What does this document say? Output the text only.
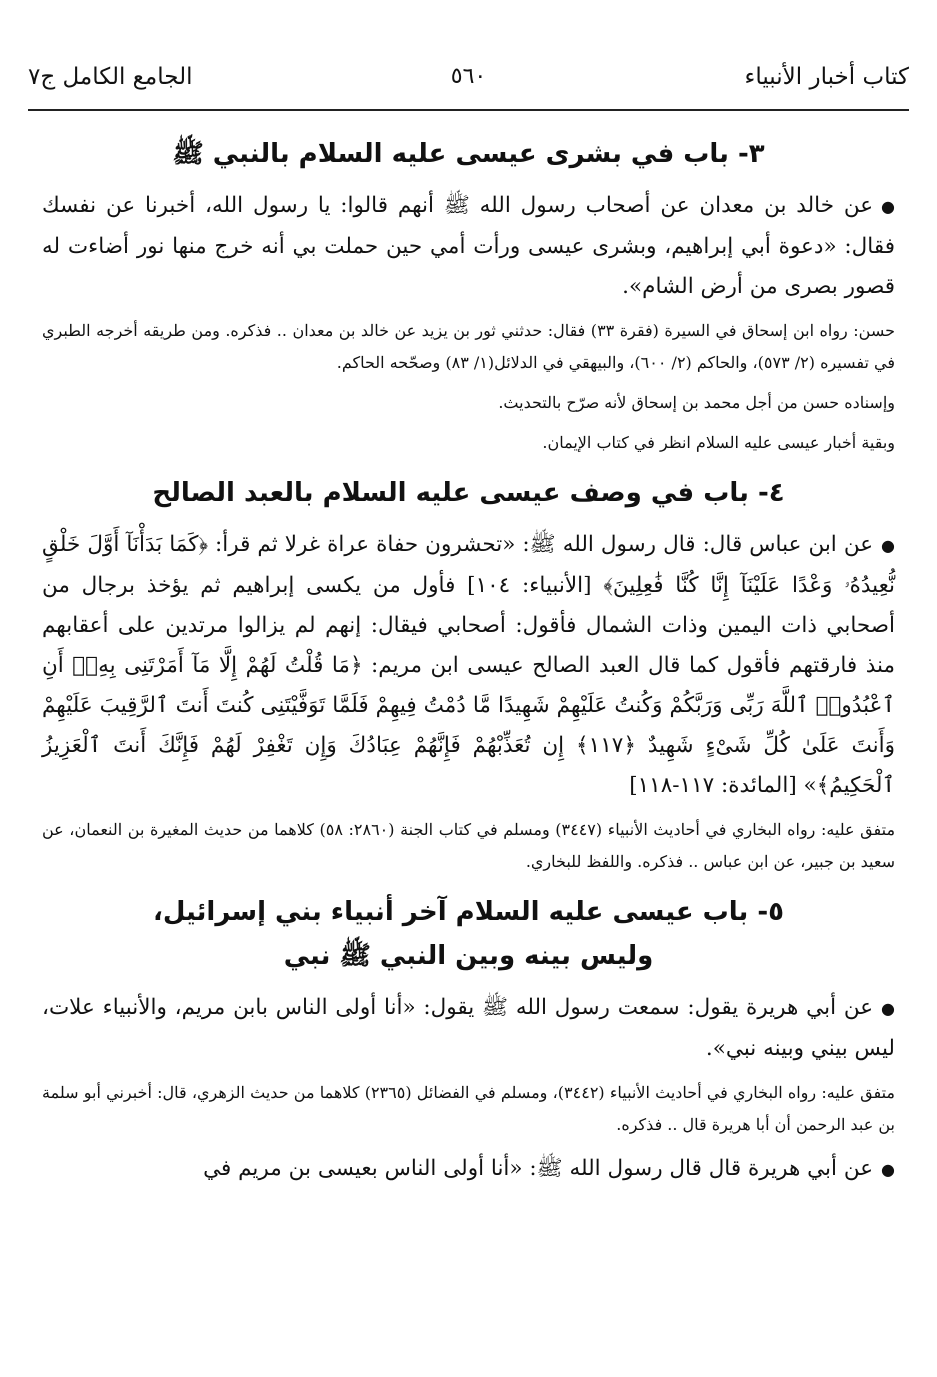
كتاب أخبار الأنبياء
٥٦٠
الجامع الكامل ج٧
٣- باب في بشرى عيسى عليه السلام بالنبي ﷺ

●عن خالد بن معدان عن أصحاب رسول الله ﷺ أنهم قالوا: يا رسول الله، أخبرنا عن نفسك فقال: «دعوة أبي إبراهيم، وبشرى عيسى ورأت أمي حين حملت بي أنه خرج منها نور أضاءت له قصور بصرى من أرض الشام».

حسن: رواه ابن إسحاق في السيرة (فقرة ٣٣) فقال: حدثني ثور بن يزيد عن خالد بن معدان .. فذكره. ومن طريقه أخرجه الطبري في تفسيره (٢/ ٥٧٣)، والحاكم (٢/ ٦٠٠)، والبيهقي في الدلائل(١/ ٨٣) وصحّحه الحاكم.

وإسناده حسن من أجل محمد بن إسحاق لأنه صرّح بالتحديث.

وبقية أخبار عيسى عليه السلام انظر في كتاب الإيمان.

٤- باب في وصف عيسى عليه السلام بالعبد الصالح

●عن ابن عباس قال: قال رسول الله ﷺ: «تحشرون حفاة عراة غرلا ثم قرأ: ﴿كَمَا بَدَأْنَآ أَوَّلَ خَلْقٍ نُّعِيدُهُۥ وَعْدًا عَلَيْنَآ إِنَّا كُنَّا فَٰعِلِينَ﴾ [الأنبياء: ١٠٤] فأول من يكسى إبراهيم ثم يؤخذ برجال من أصحابي ذات اليمين وذات الشمال فأقول: أصحابي فيقال: إنهم لم يزالوا مرتدين على أعقابهم منذ فارقتهم فأقول كما قال العبد الصالح عيسى ابن مريم: ﴿مَا قُلْتُ لَهُمْ إِلَّا مَآ أَمَرْتَنِى بِهِۦٓ أَنِ ٱعْبُدُوا۟ ٱللَّهَ رَبِّى وَرَبَّكُمْ وَكُنتُ عَلَيْهِمْ شَهِيدًا مَّا دُمْتُ فِيهِمْ فَلَمَّا تَوَفَّيْتَنِى كُنتَ أَنتَ ٱلرَّقِيبَ عَلَيْهِمْ وَأَنتَ عَلَىٰ كُلِّ شَىْءٍ شَهِيدٌ ﴿١١٧﴾ إِن تُعَذِّبْهُمْ فَإِنَّهُمْ عِبَادُكَ وَإِن تَغْفِرْ لَهُمْ فَإِنَّكَ أَنتَ ٱلْعَزِيزُ ٱلْحَكِيمُ﴾» [المائدة: ١١٧-١١٨]

متفق عليه: رواه البخاري في أحاديث الأنبياء (٣٤٤٧) ومسلم في كتاب الجنة (٢٨٦٠: ٥٨) كلاهما من حديث المغيرة بن النعمان، عن سعيد بن جبير، عن ابن عباس .. فذكره. واللفظ للبخاري.

٥- باب عيسى عليه السلام آخر أنبياء بني إسرائيل،
وليس بينه وبين النبي ﷺ نبي

●عن أبي هريرة يقول: سمعت رسول الله ﷺ يقول: «أنا أولى الناس بابن مريم، والأنبياء علات، ليس بيني وبينه نبي».

متفق عليه: رواه البخاري في أحاديث الأنبياء (٣٤٤٢)، ومسلم في الفضائل (٢٣٦٥) كلاهما من حديث الزهري، قال: أخبرني أبو سلمة بن عبد الرحمن أن أبا هريرة قال .. فذكره.

●عن أبي هريرة قال قال رسول الله ﷺ: «أنا أولى الناس بعيسى بن مريم في
